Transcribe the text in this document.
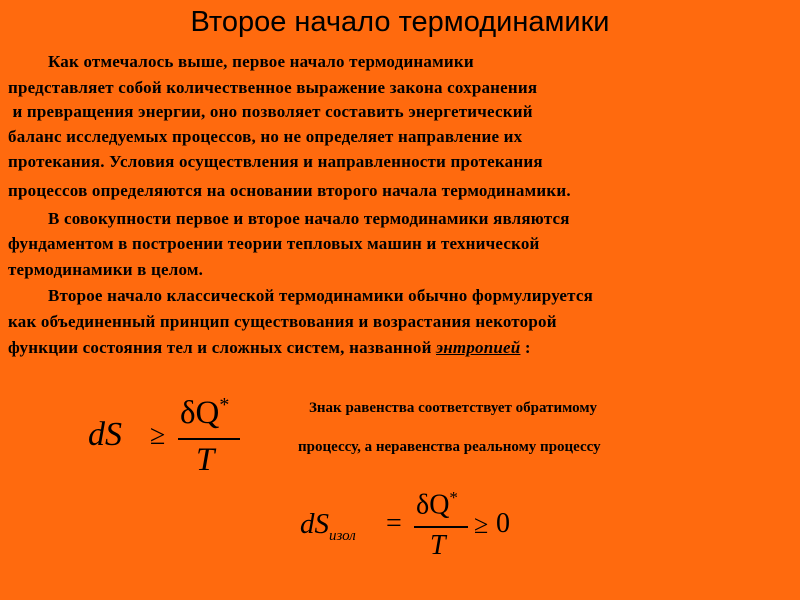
Второе начало термодинамики
Как отмечалось выше, первое начало термодинамики
представляет собой количественное выражение закона сохранения
и превращения энергии, оно позволяет составить энергетический
баланс исследуемых процессов, но не определяет направление их
протекания. Условия осуществления и направленности протекания
процессов определяются на основании второго начала термодинамики.
В совокупности первое и второе начало термодинамики являются
фундаментом в построении теории тепловых машин и технической
термодинамики в целом.
Второе начало классической термодинамики обычно формулируется
как объединенный принцип существования и возрастания некоторой
функции состояния тел и сложных систем, названной энтропией :
dS ≥
δQ*
T
Знак равенства соответствует обратимому
процессу, а неравенства реальному процессу
$dS_{изол}$ =
δQ*
T
≥ 0
